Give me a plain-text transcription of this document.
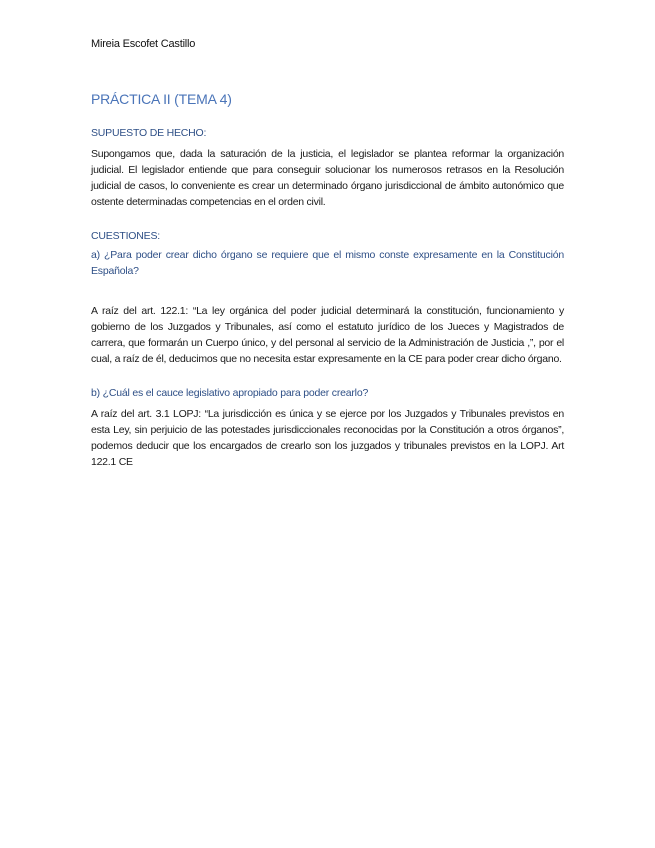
Mireia Escofet Castillo
PRÁCTICA II (TEMA 4)
SUPUESTO DE HECHO:

Supongamos que, dada la saturación de la justicia, el legislador se plantea reformar la organización judicial. El legislador entiende que para conseguir solucionar los numerosos retrasos en la Resolución judicial de casos, lo conveniente es crear un determinado órgano jurisdiccional de ámbito autonómico que ostente determinadas competencias en el orden civil.

CUESTIONES:

a) ¿Para poder crear dicho órgano se requiere que el mismo conste expresamente en la Constitución Española?

A raíz del art. 122.1: “La ley orgánica del poder judicial determinará la constitución, funcionamiento y gobierno de los Juzgados y Tribunales, así como el estatuto jurídico de los Jueces y Magistrados de carrera, que formarán un Cuerpo único, y del personal al servicio de la Administración de Justicia ,”, por el cual, a raíz de él, deducimos que no necesita estar expresamente en la CE para poder crear dicho órgano.

b) ¿Cuál es el cauce legislativo apropiado para poder crearlo?

A raíz del art. 3.1 LOPJ: “La jurisdicción es única y se ejerce por los Juzgados y Tribunales previstos en esta Ley, sin perjuicio de las potestades jurisdiccionales reconocidas por la Constitución a otros órganos”, podemos deducir que los encargados de crearlo son los juzgados y tribunales previstos en la LOPJ. Art 122.1 CE
